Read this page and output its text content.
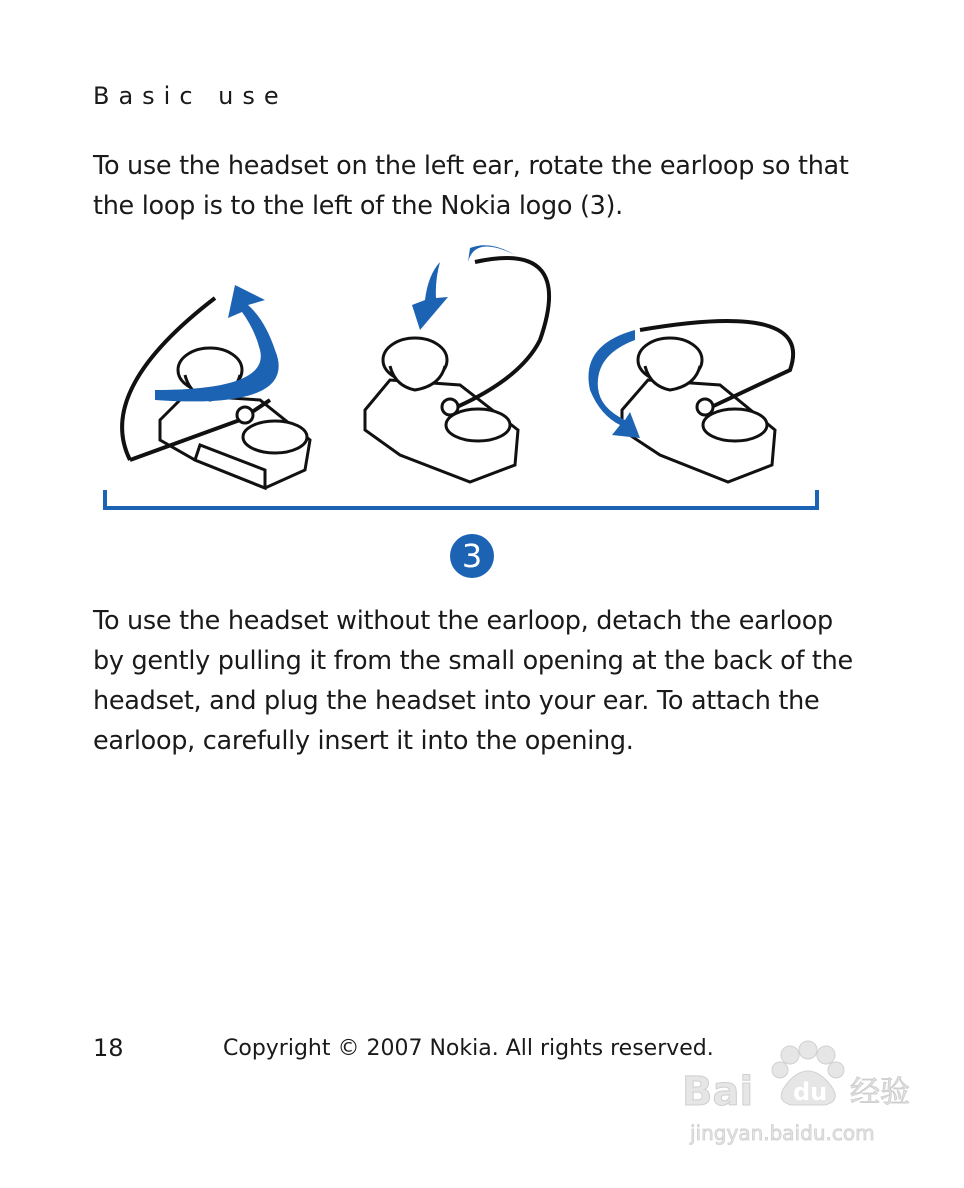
Basic use
To use the headset on the left ear, rotate the earloop so that the loop is to the left of the Nokia logo (3).
3
To use the headset without the earloop, detach the earloop by gently pulling it from the small opening at the back of the headset, and plug the headset into your ear. To attach the earloop, carefully insert it into the opening.
18	Copyright © 2007 Nokia. All rights reserved.
Bai du 经验
jingyan.baidu.com
